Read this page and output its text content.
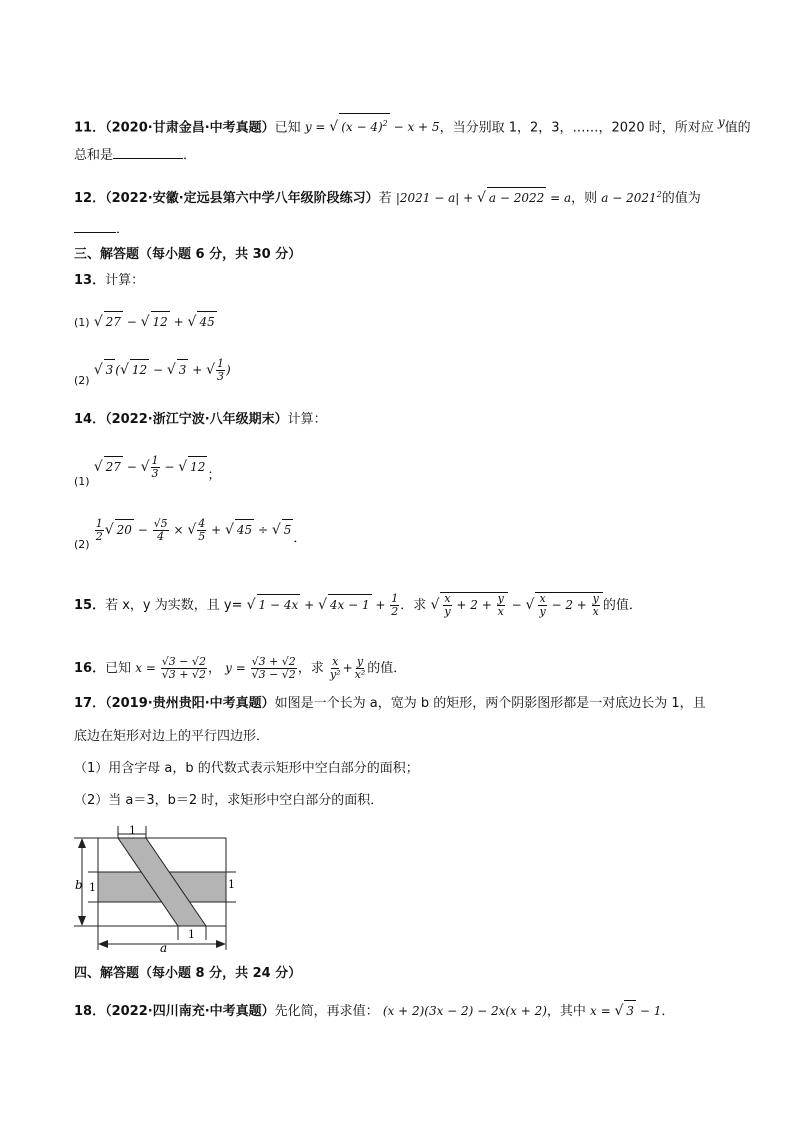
11．（2020·甘肃金昌·中考真题）已知 y = √ $(x - 4)^2 - x + 5$，当分别取 1，2，3，……，2020 时，所对应 y值的
总和是	．
12．（2022·安徽·定远县第六中学八年级阶段练习）若 |2021 − a| + √ a − 2022 = a，则 $a - 2021^2$的值为
．
三、解答题（每小题 6 分，共 30 分）
13．计算：
(1) √ 27 − √ 12 + √ 45
$_{(2)}$ √ 3 (√ 12 − √ 3 + √ $\frac{1}{3}$ )
14．（2022·浙江宁波·八年级期末）计算：
$_{(1)}$ √ 27 − √ $\frac{1}{3}$ − √ 12；
$_{(2)}$
$\frac{1}{2}$ √ $20 - \frac{√5}{4}$ × √ $\frac{4}{5}$ + √ 45 ÷ √ 5．
15．若 x，y 为实数，且 y= √ 1 − 4x + √ $4x - 1 + \frac{1}{2}$ ．求 √ $\frac{x}{y} + 2 + \frac{y}{x}$ − √ $\frac{x}{y} - 2 + \frac{y}{x}$ 的值．
16．已知 $x = \frac{√3 - √2}{√3 + √2}$ ， $y = \frac{√3 + √2}{√3 - √2}$ ，求 $\frac{x}{\text{y²}} + \frac{y}{\text{x²}}$ 的值．
17．（2019·贵州贵阳·中考真题）如图是一个长为 a，宽为 b 的矩形，两个阴影图形都是一对底边长为 1，且
底边在矩形对边上的平行四边形．
（1）用含字母 a，b 的代数式表示矩形中空白部分的面积；
（2）当 a＝3，b＝2 时，求矩形中空白部分的面积．
1
1
b 1	1
a
四、解答题（每小题 8 分，共 24 分）
18．（2022·四川南充·中考真题）先化简，再求值： (x + 2)(3x − 2) − 2x(x + 2)，其中 x = √ 3 − 1．
